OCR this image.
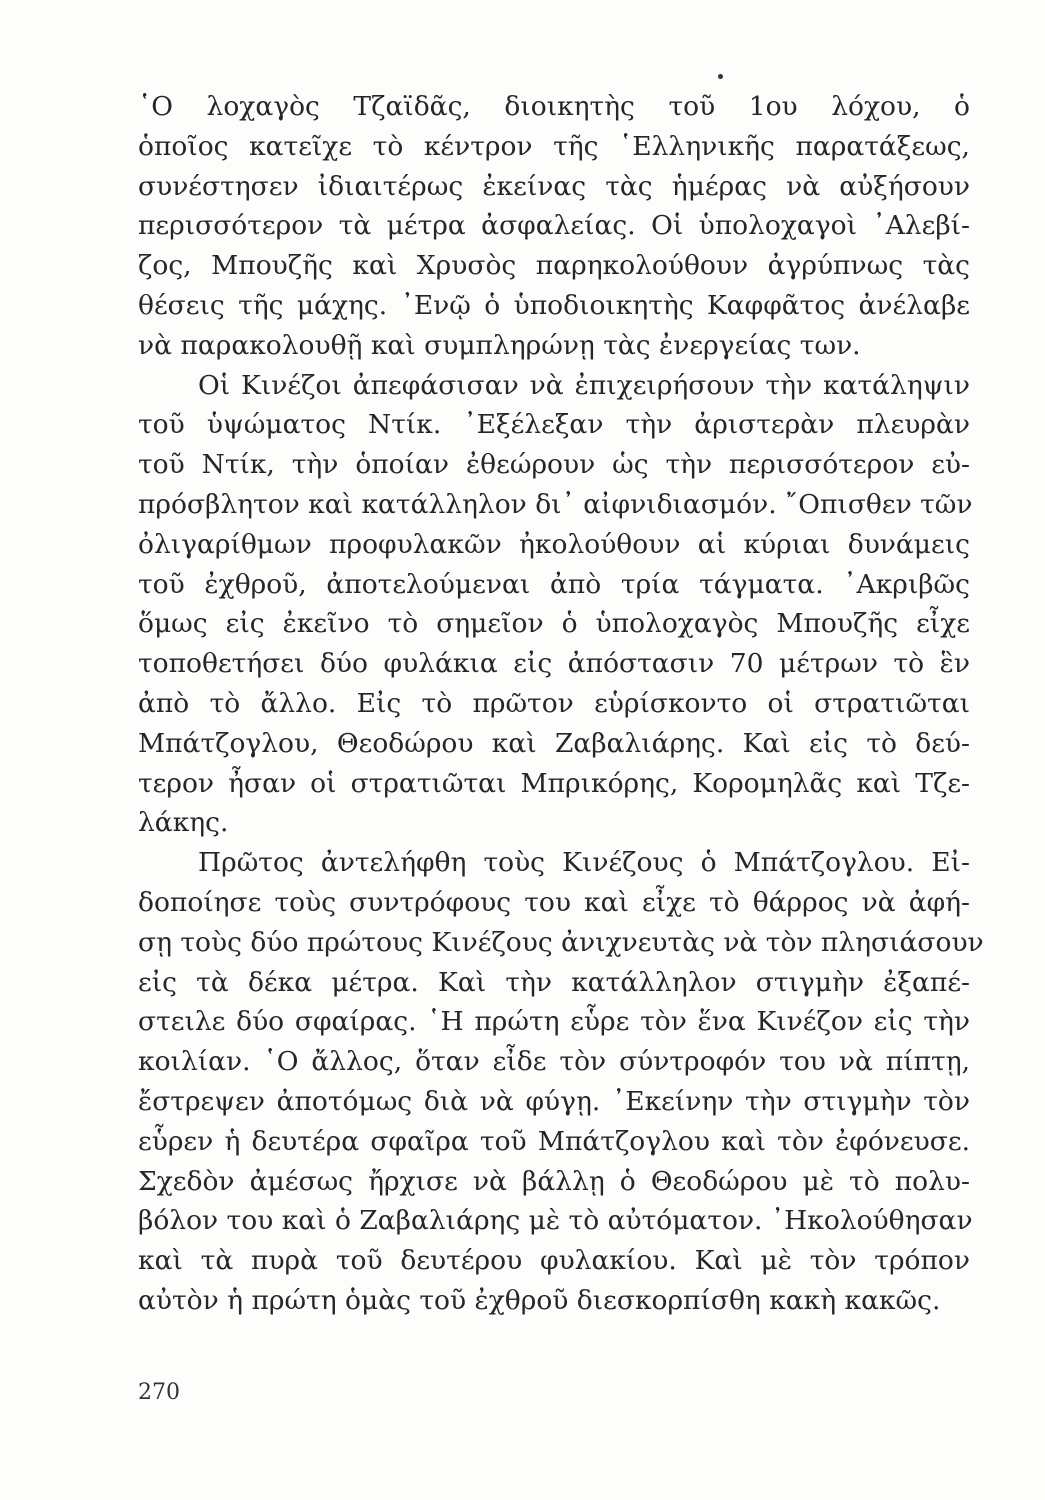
῾Ο λοχαγὸς Τζαϊδᾶς, διοικητὴς τοῦ 1ου λόχου, ὁ
ὁποῖος κατεῖχε τὸ κέντρον τῆς ῾Ελληνικῆς παρατάξεως,
συνέστησεν ἰδιαιτέρως ἐκείνας τὰς ἡμέρας νὰ αὐξήσουν
περισσότερον τὰ μέτρα ἀσφαλείας. Οἱ ὑπολοχαγοὶ ᾿Αλεβί-
ζος, Μπουζῆς καὶ Χρυσὸς παρηκολούθουν ἀγρύπνως τὰς
θέσεις τῆς μάχης. ᾿Ενῷ ὁ ὑποδιοικητὴς Καφφᾶτος ἀνέλαβε
νὰ παρακολουθῇ καὶ συμπληρώνῃ τὰς ἐνεργείας των.
Οἱ Κινέζοι ἀπεφάσισαν νὰ ἐπιχειρήσουν τὴν κατάληψιν
τοῦ ὑψώματος Ντίκ. ᾿Εξέλεξαν τὴν ἀριστερὰν πλευρὰν
τοῦ Ντίκ, τὴν ὁποίαν ἐθεώρουν ὡς τὴν περισσότερον εὐ-
πρόσβλητον καὶ κατάλληλον δι᾿ αἰφνιδιασμόν. ῎Οπισθεν τῶν
ὀλιγαρίθμων προφυλακῶν ἠκολούθουν αἱ κύριαι δυνάμεις
τοῦ ἐχθροῦ, ἀποτελούμεναι ἀπὸ τρία τάγματα. ᾿Ακριβῶς
ὅμως εἰς ἐκεῖνο τὸ σημεῖον ὁ ὑπολοχαγὸς Μπουζῆς εἶχε
τοποθετήσει δύο φυλάκια εἰς ἀπόστασιν 70 μέτρων τὸ ἓν
ἀπὸ τὸ ἄλλο. Εἰς τὸ πρῶτον εὑρίσκοντο οἱ στρατιῶται
Μπάτζογλου, Θεοδώρου καὶ Ζαβαλιάρης. Καὶ εἰς τὸ δεύ-
τερον ἦσαν οἱ στρατιῶται Μπρικόρης, Κορομηλᾶς καὶ Τζε-
λάκης.
Πρῶτος ἀντελήφθη τοὺς Κινέζους ὁ Μπάτζογλου. Εἰ-
δοποίησε τοὺς συντρόφους του καὶ εἶχε τὸ θάρρος νὰ ἀφή-
σῃ τοὺς δύο πρώτους Κινέζους ἀνιχνευτὰς νὰ τὸν πλησιάσουν
εἰς τὰ δέκα μέτρα. Καὶ τὴν κατάλληλον στιγμὴν ἐξαπέ-
στειλε δύο σφαίρας. ῾Η πρώτη εὗρε τὸν ἕνα Κινέζον εἰς τὴν
κοιλίαν. ῾Ο ἄλλος, ὅταν εἶδε τὸν σύντροφόν του νὰ πίπτῃ,
ἔστρεψεν ἀποτόμως διὰ νὰ φύγῃ. ᾿Εκείνην τὴν στιγμὴν τὸν
εὗρεν ἡ δευτέρα σφαῖρα τοῦ Μπάτζογλου καὶ τὸν ἐφόνευσε.
Σχεδὸν ἀμέσως ἤρχισε νὰ βάλλῃ ὁ Θεοδώρου μὲ τὸ πολυ-
βόλον του καὶ ὁ Ζαβαλιάρης μὲ τὸ αὐτόματον. ᾿Ηκολούθησαν
καὶ τὰ πυρὰ τοῦ δευτέρου φυλακίου. Καὶ μὲ τὸν τρόπον
αὐτὸν ἡ πρώτη ὁμὰς τοῦ ἐχθροῦ διεσκορπίσθη κακὴ κακῶς.
270
